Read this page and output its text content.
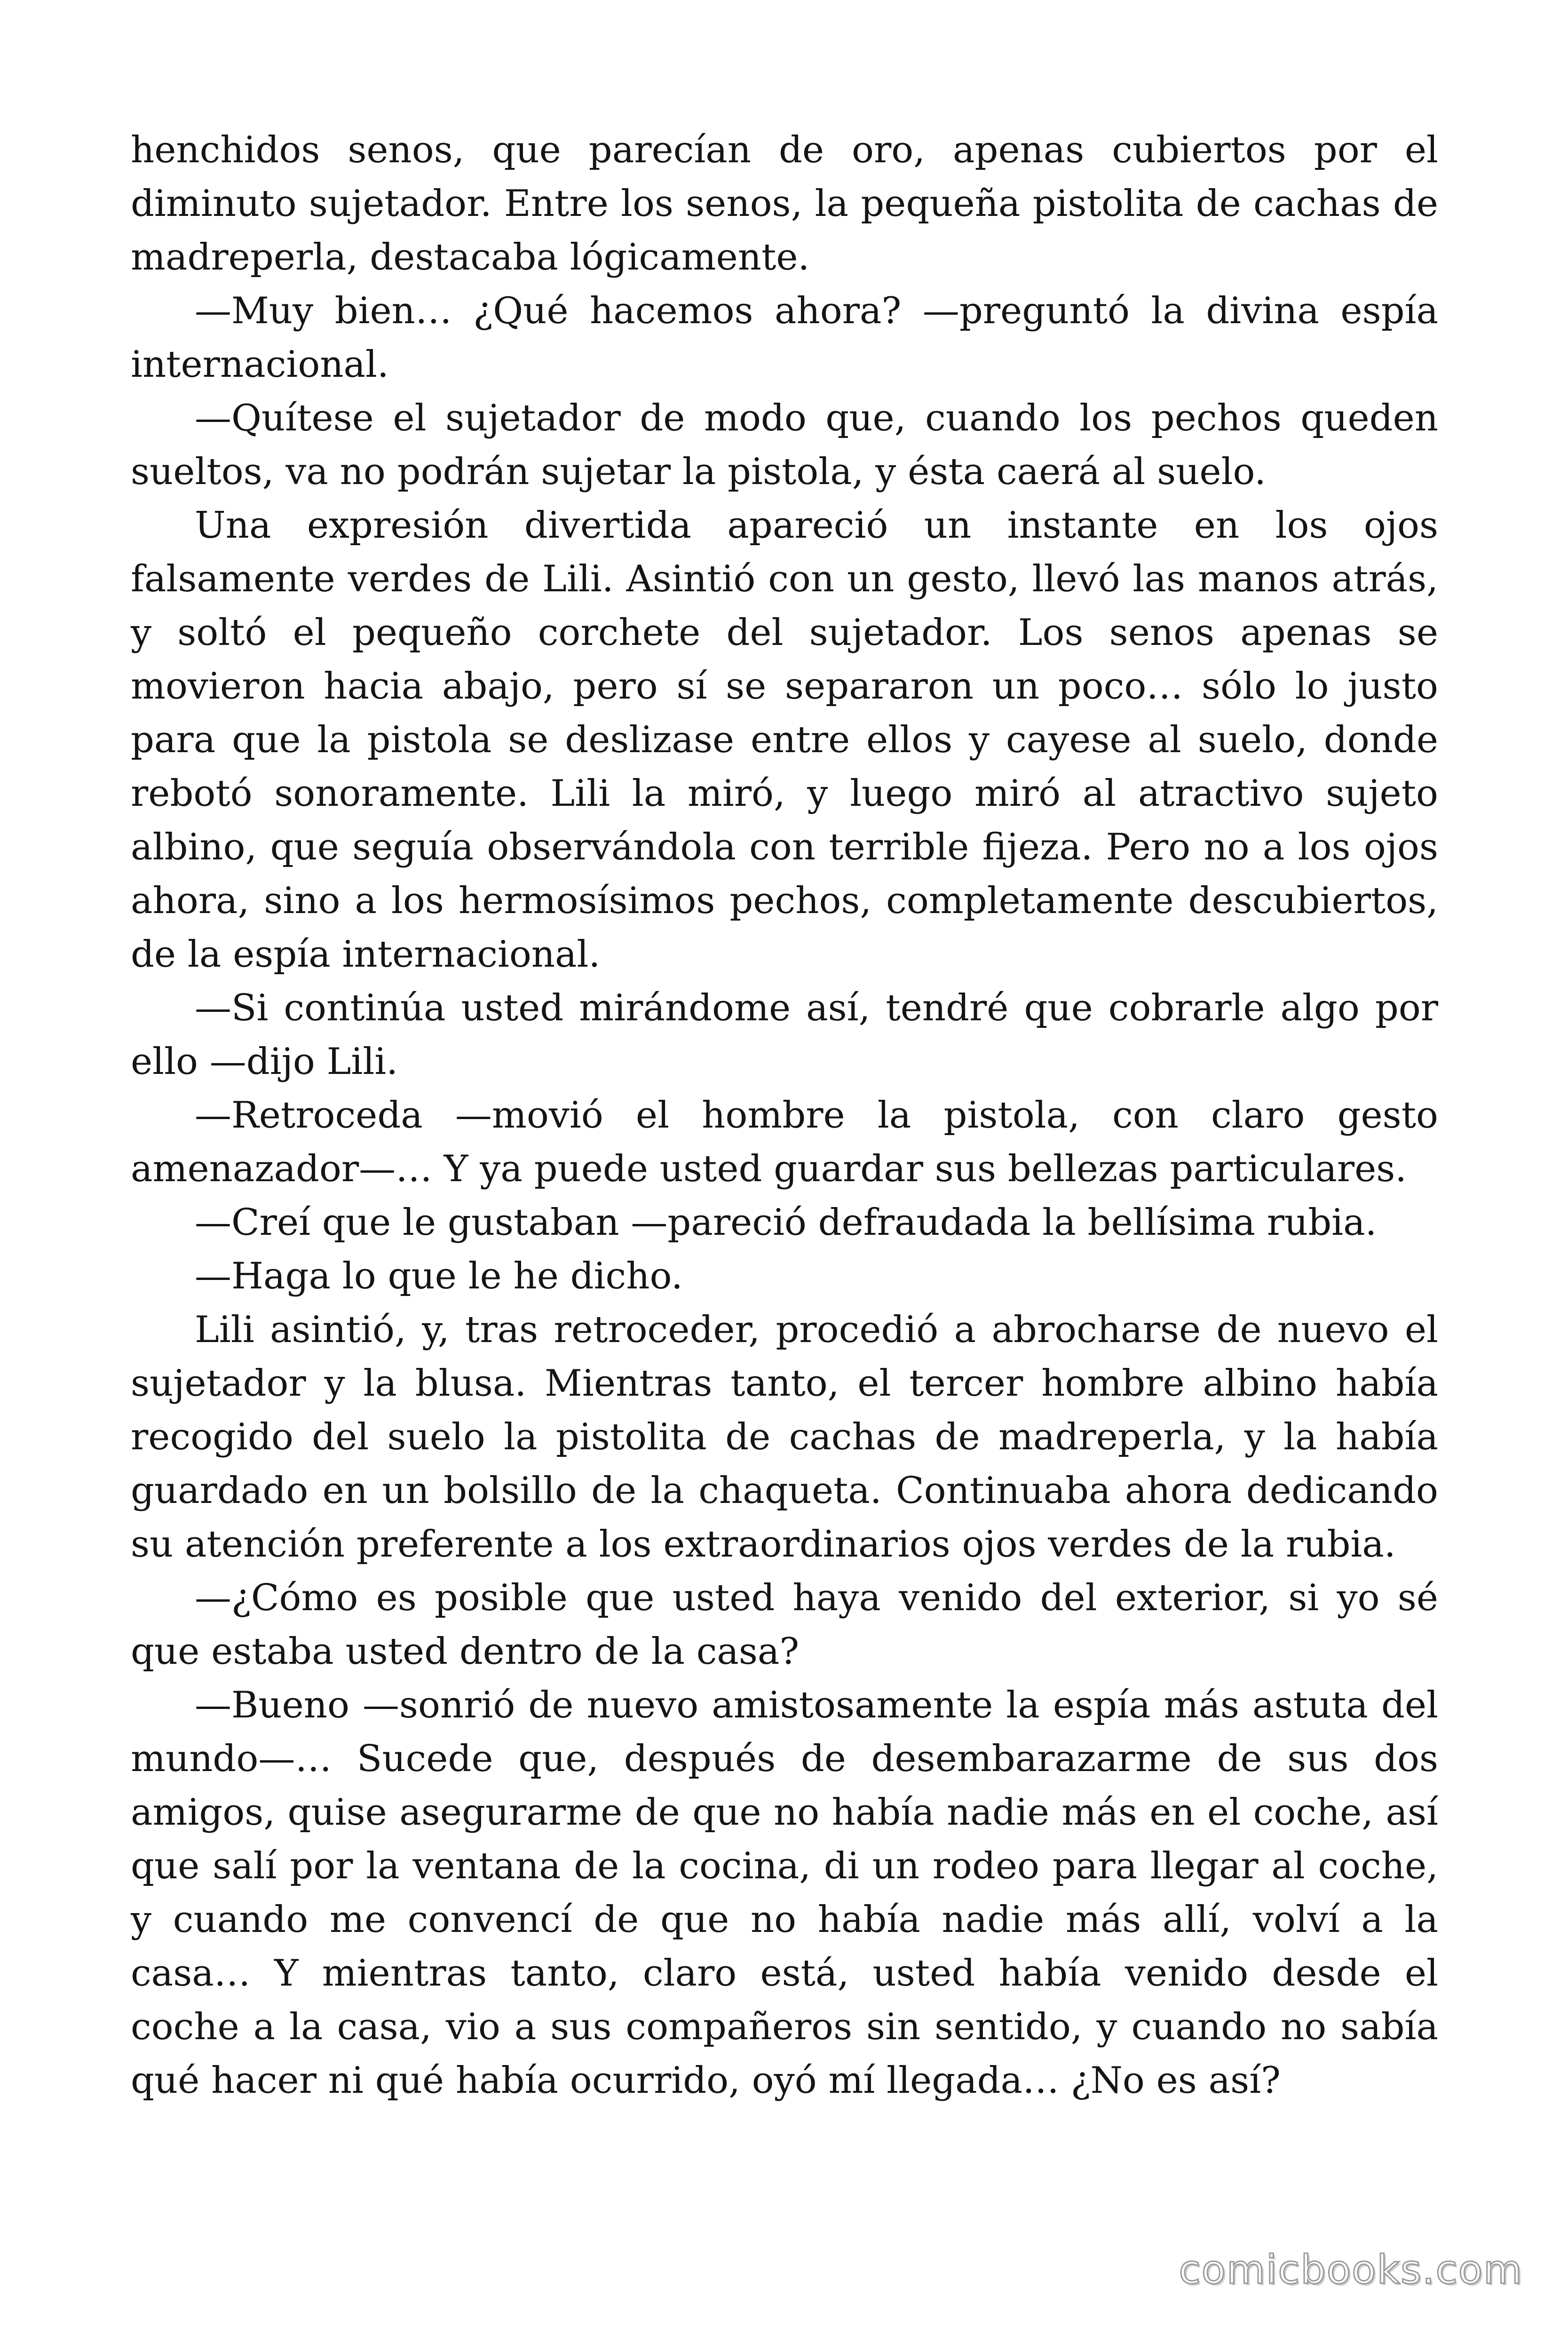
henchidos senos, que parecían de oro, apenas cubiertos por el diminuto sujetador. Entre los senos, la pequeña pistolita de cachas de madreperla, destacaba lógicamente.

—Muy bien… ¿Qué hacemos ahora? —preguntó la divina espía internacional.

—Quítese el sujetador de modo que, cuando los pechos queden sueltos, va no podrán sujetar la pistola, y ésta caerá al suelo.

Una expresión divertida apareció un instante en los ojos falsamente verdes de Lili. Asintió con un gesto, llevó las manos atrás, y soltó el pequeño corchete del sujetador. Los senos apenas se movieron hacia abajo, pero sí se separaron un poco… sólo lo justo para que la pistola se deslizase entre ellos y cayese al suelo, donde rebotó sonoramente. Lili la miró, y luego miró al atractivo sujeto albino, que seguía observándola con terrible fijeza. Pero no a los ojos ahora, sino a los hermosísimos pechos, completamente descubiertos, de la espía internacional.

—Si continúa usted mirándome así, tendré que cobrarle algo por ello —dijo Lili.

—Retroceda —movió el hombre la pistola, con claro gesto amenazador—… Y ya puede usted guardar sus bellezas particulares.

—Creí que le gustaban —pareció defraudada la bellísima rubia.

—Haga lo que le he dicho.

Lili asintió, y, tras retroceder, procedió a abrocharse de nuevo el sujetador y la blusa. Mientras tanto, el tercer hombre albino había recogido del suelo la pistolita de cachas de madreperla, y la había guardado en un bolsillo de la chaqueta. Continuaba ahora dedicando su atención preferente a los extraordinarios ojos verdes de la rubia.

—¿Cómo es posible que usted haya venido del exterior, si yo sé que estaba usted dentro de la casa?

—Bueno —sonrió de nuevo amistosamente la espía más astuta del mundo—… Sucede que, después de desembarazarme de sus dos amigos, quise asegurarme de que no había nadie más en el coche, así que salí por la ventana de la cocina, di un rodeo para llegar al coche, y cuando me convencí de que no había nadie más allí, volví a la casa… Y mientras tanto, claro está, usted había venido desde el coche a la casa, vio a sus compañeros sin sentido, y cuando no sabía qué hacer ni qué había ocurrido, oyó mí llegada… ¿No es así?

comicbooks.com
